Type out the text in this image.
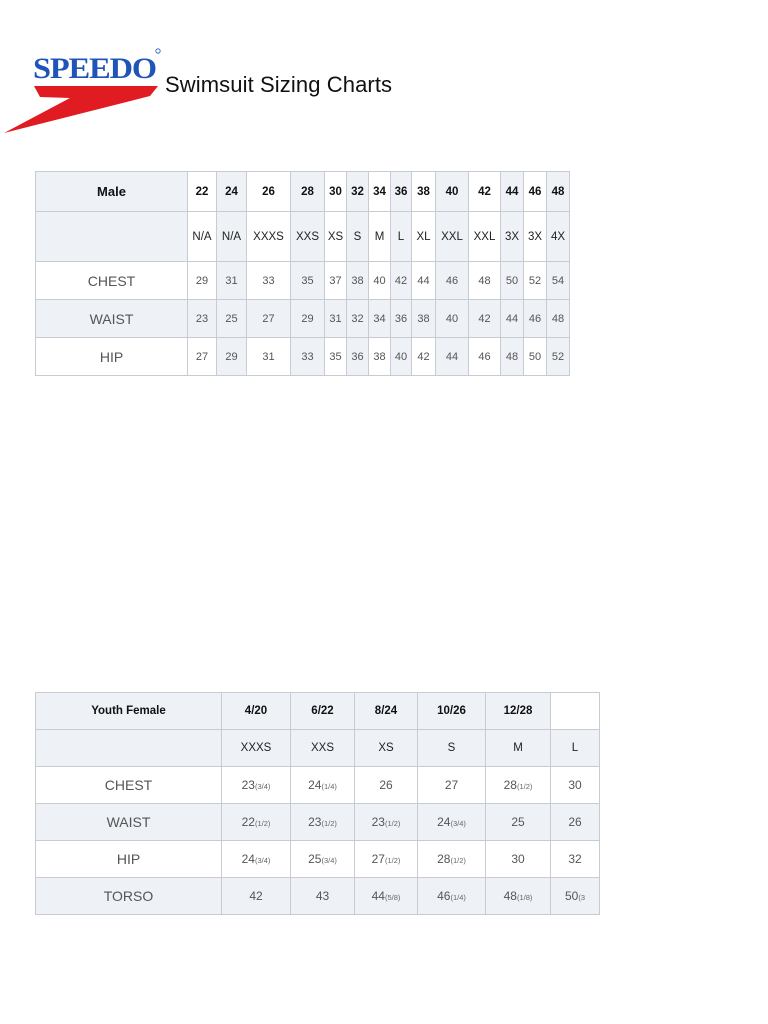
SPEEDO Swimsuit Sizing Charts
Male	22	24	26	28	30	32	34	36	38	40	42	44	46	48
	N/A	N/A	XXXS	XXS	XS	S	M	L	XL	XXL	XXL	3X	3X	4X
CHEST	29	31	33	35	37	38	40	42	44	46	48	50	52	54
WAIST	23	25	27	29	31	32	34	36	38	40	42	44	46	48
HIP	27	29	31	33	35	36	38	40	42	44	46	48	50	52
Youth Female	4/20	6/22	8/24	10/26	12/28	
	XXXS	XXS	XS	S	M	L
CHEST	23(3/4)	24(1/4)	26	27	28(1/2)	30
WAIST	22(1/2)	23(1/2)	23(1/2)	24(3/4)	25	26
HIP	24(3/4)	25(3/4)	27(1/2)	28(1/2)	30	32
TORSO	42	43	44(5/8)	46(1/4)	48(1/8)	50(3
